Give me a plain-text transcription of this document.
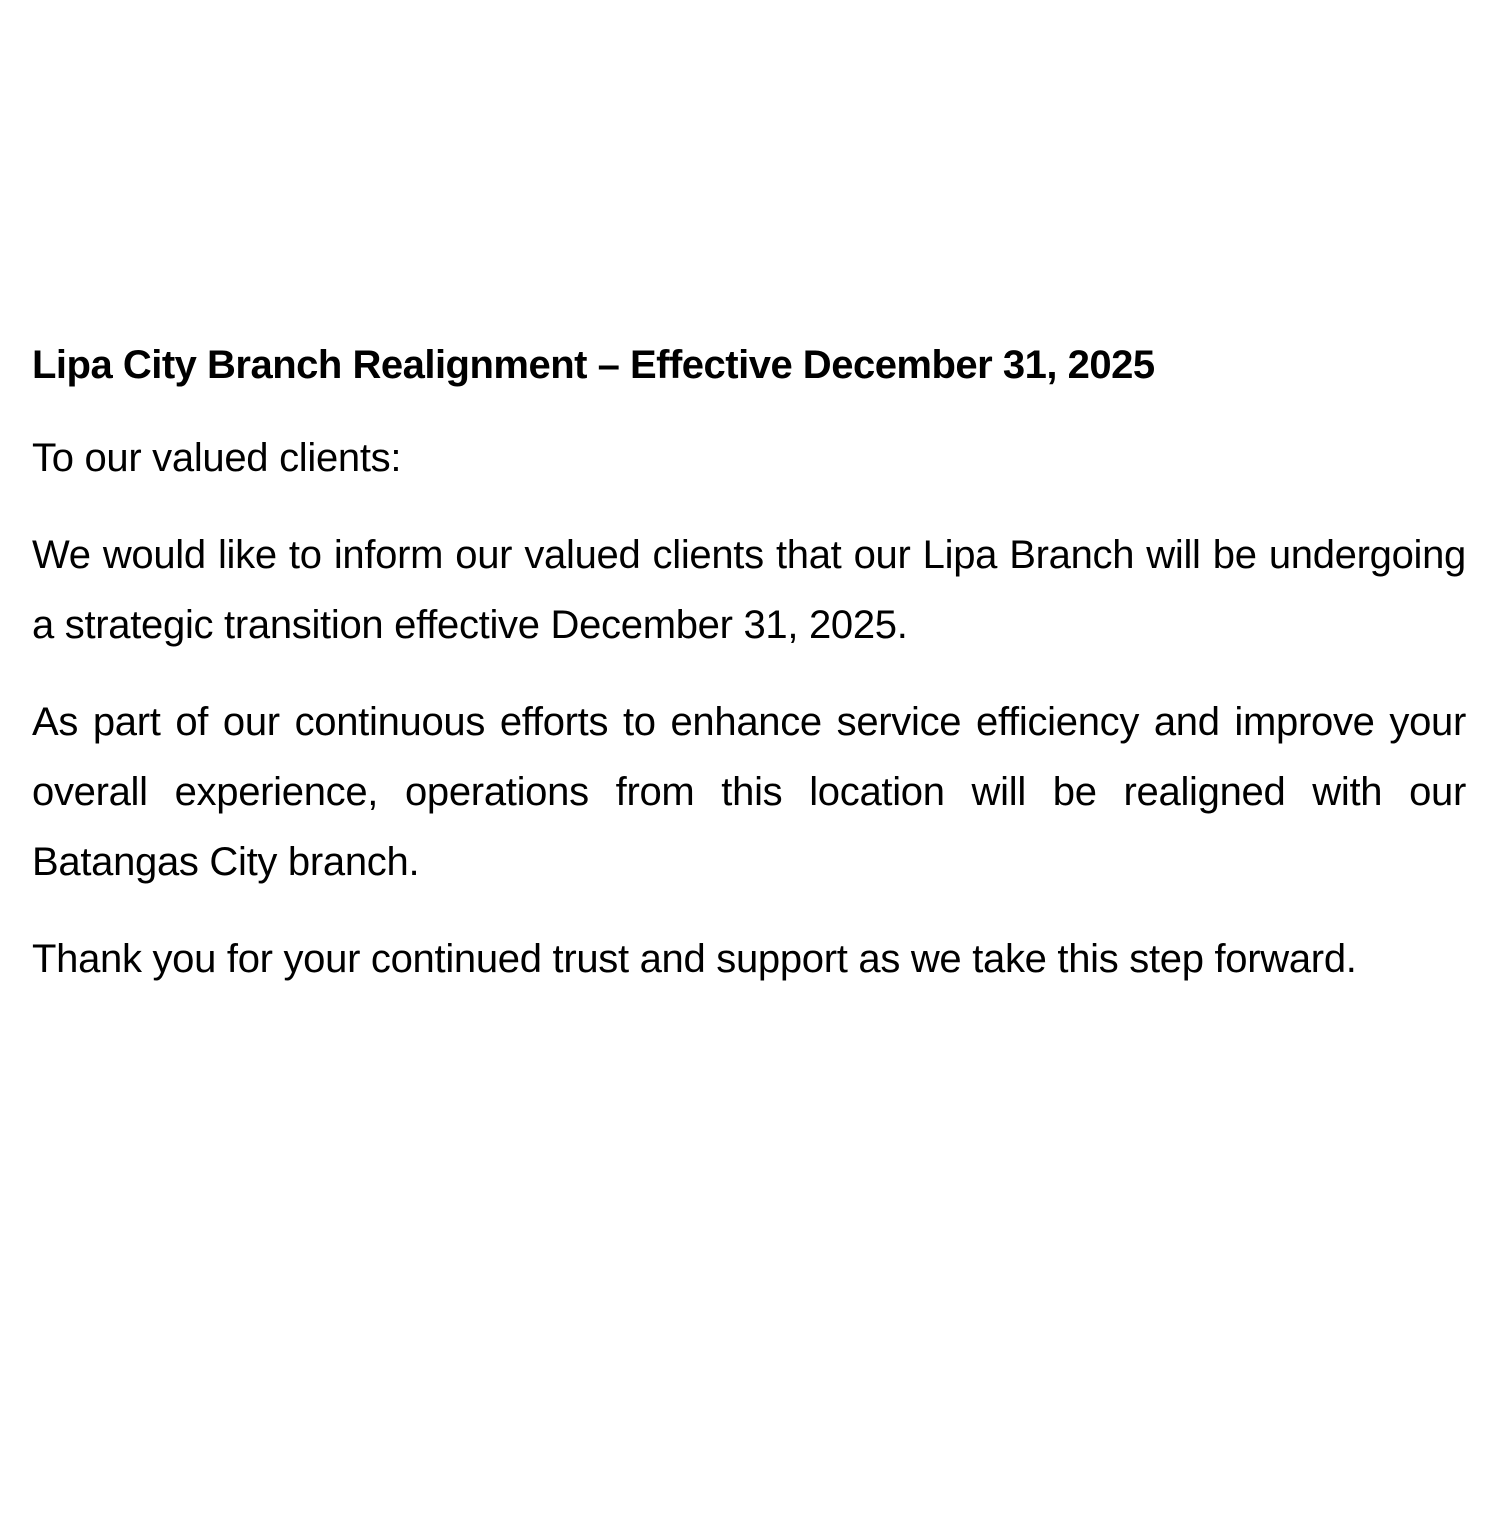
Lipa City Branch Realignment – Effective December 31, 2025

To our valued clients:

We would like to inform our valued clients that our Lipa Branch will be undergoing a strategic transition effective December 31, 2025.

As part of our continuous efforts to enhance service efficiency and improve your overall experience, operations from this location will be realigned with our Batangas City branch.

Thank you for your continued trust and support as we take this step forward.
